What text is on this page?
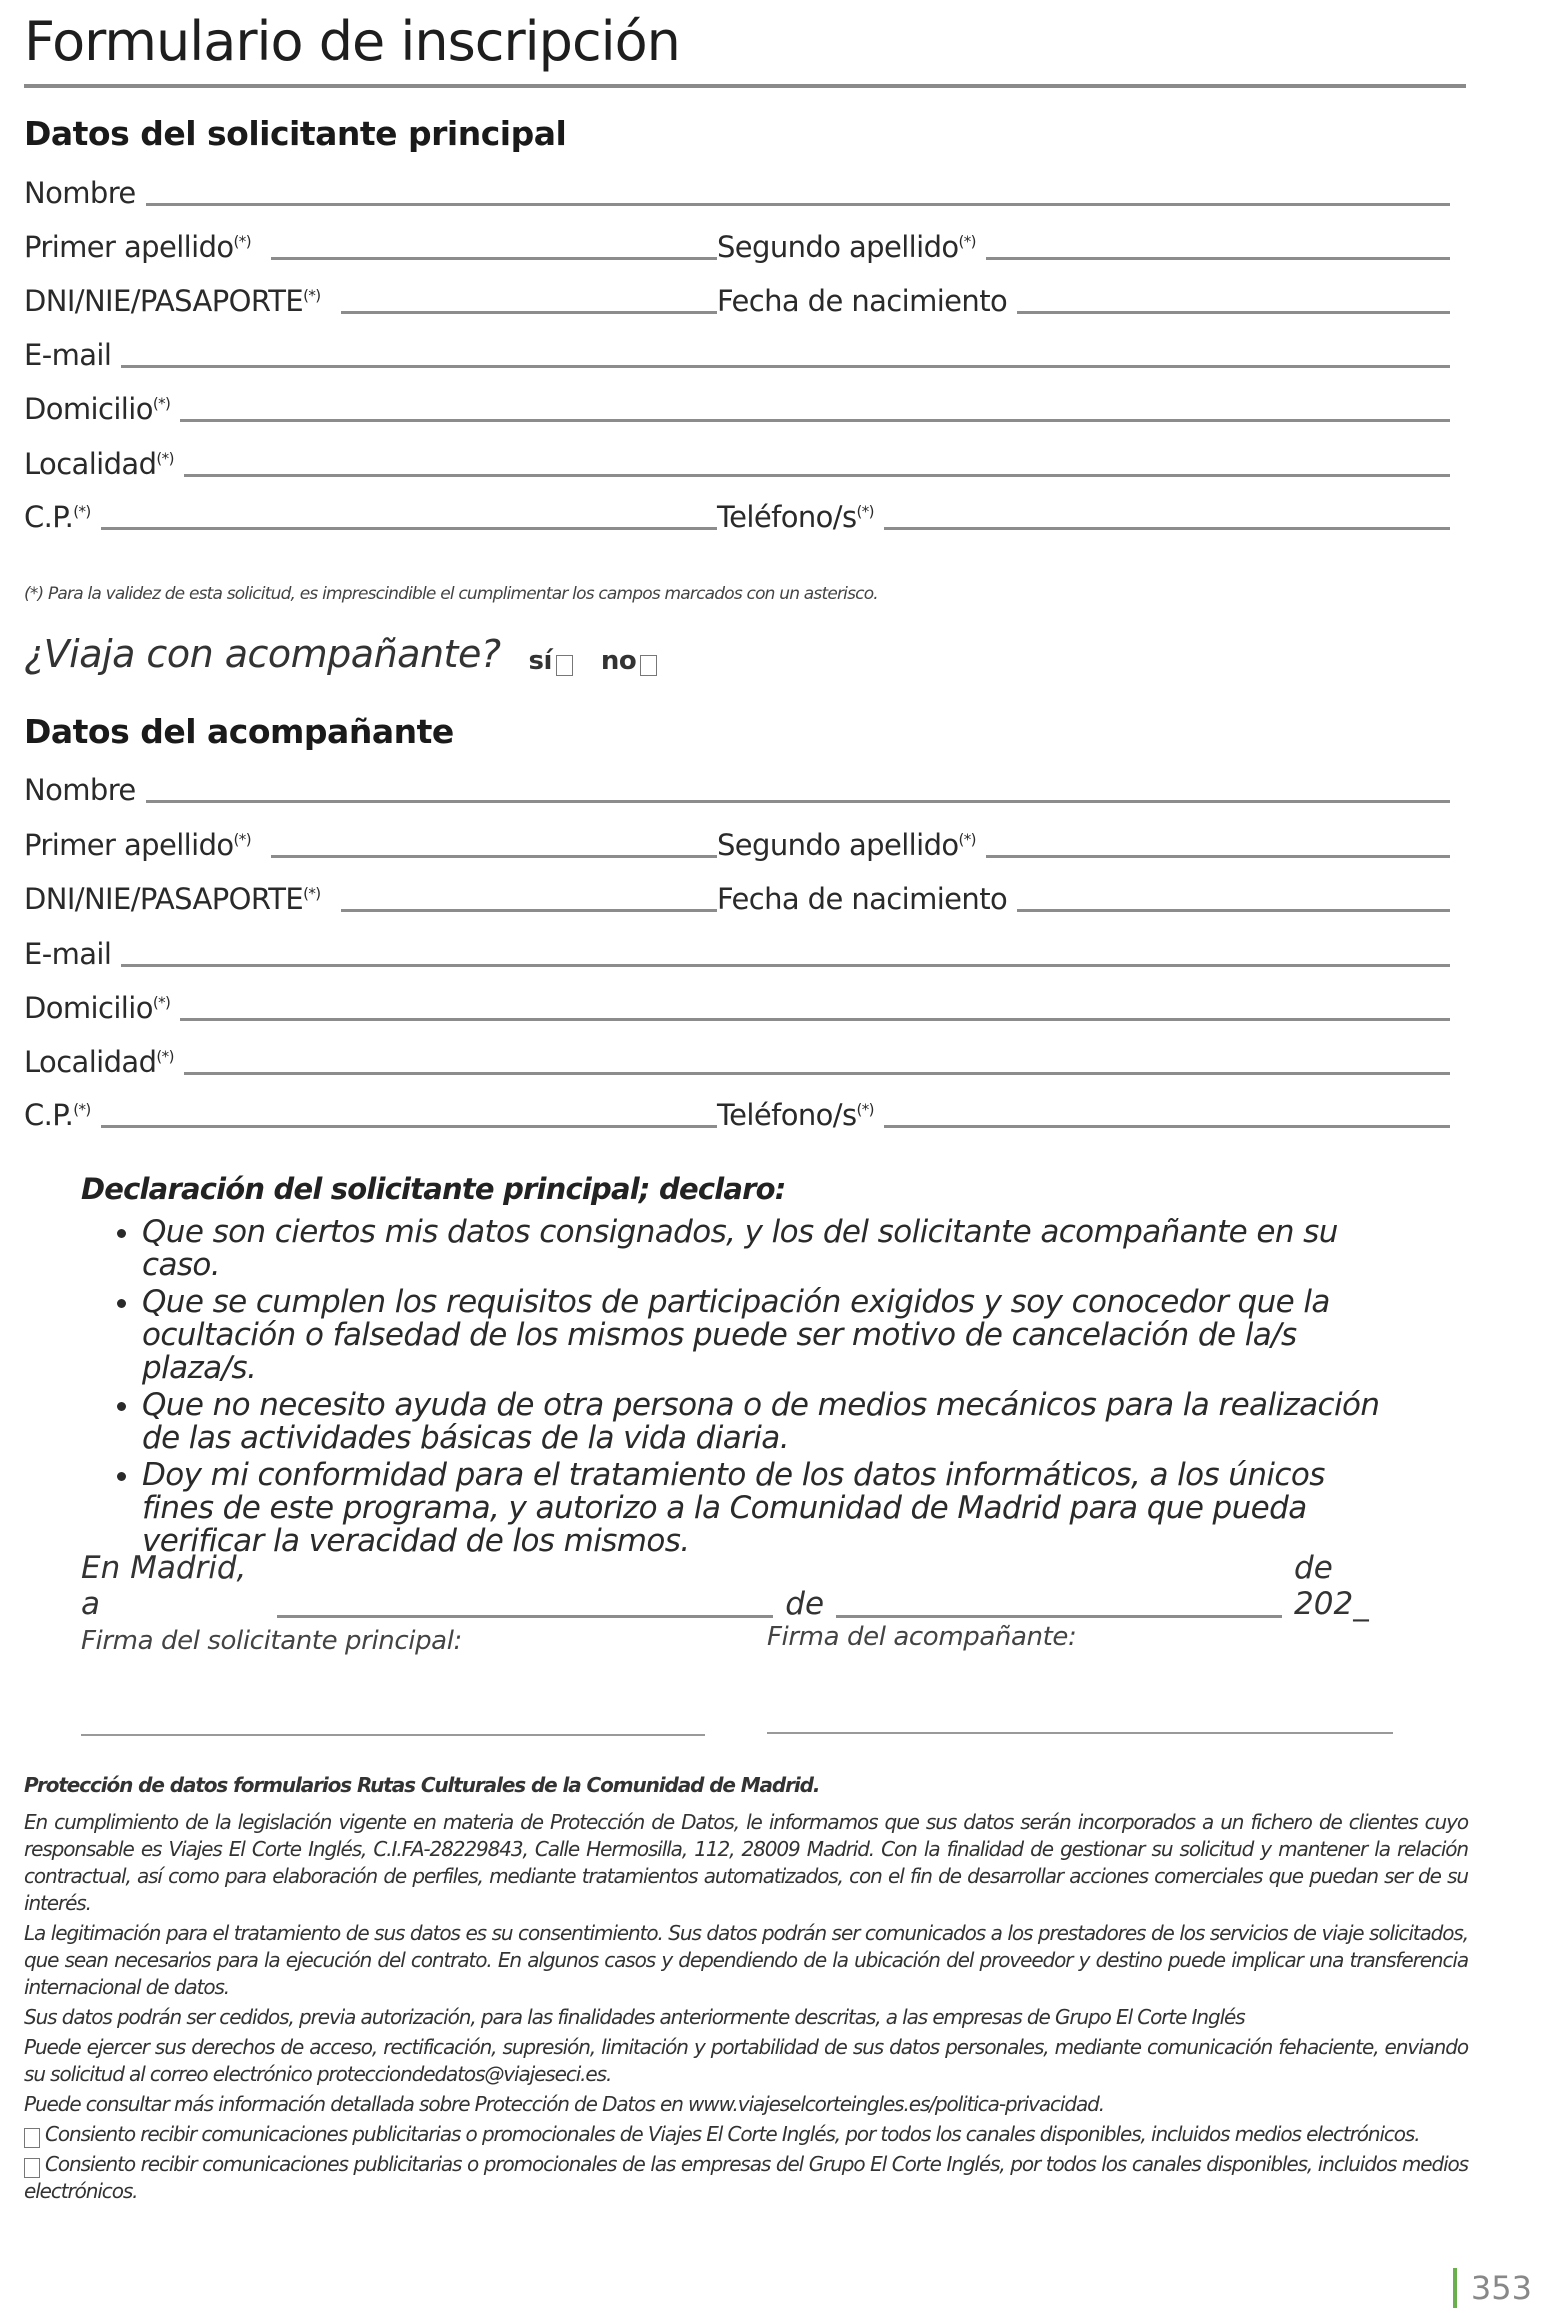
Formulario de inscripción
Datos del solicitante principal
Nombre
Primer apellido(*)	Segundo apellido(*)
DNI/NIE/PASAPORTE(*)	Fecha de nacimiento
E-mail
Domicilio(*)
Localidad(*)
C.P.(*)	Teléfono/s(*)
(*) Para la validez de esta solicitud, es imprescindible el cumplimentar los campos marcados con un asterisco.
¿Viaja con acompañante? sí	no
Datos del acompañante
Nombre
Primer apellido(*)	Segundo apellido(*)
DNI/NIE/PASAPORTE(*)	Fecha de nacimiento
E-mail
Domicilio(*)
Localidad(*)
C.P.(*)	Teléfono/s(*)
Declaración del solicitante principal; declaro:
• Que son ciertos mis datos consignados, y los del solicitante acompañante en su caso.
• Que se cumplen los requisitos de participación exigidos y soy conocedor que la ocultación o falsedad de los mismos puede ser motivo de cancelación de la/s plaza/s.
• Que no necesito ayuda de otra persona o de medios mecánicos para la realización de las actividades básicas de la vida diaria.
• Doy mi conformidad para el tratamiento de los datos informáticos, a los únicos fines de este programa, y autorizo a la Comunidad de Madrid para que pueda verificar la veracidad de los mismos.
En Madrid, a	de
de 202_
Firma del solicitante principal:	Firma del acompañante:

Protección de datos formularios Rutas Culturales de la Comunidad de Madrid.

En cumplimiento de la legislación vigente en materia de Protección de Datos, le informamos que sus datos serán incorporados a un fichero de clientes cuyo responsable es Viajes El Corte Inglés, C.I.FA-28229843, Calle Hermosilla, 112, 28009 Madrid. Con la finalidad de gestionar su solicitud y mantener la relación contractual, así como para elaboración de perfiles, mediante tratamientos automatizados, con el fin de desarrollar acciones comerciales que puedan ser de su interés.

La legitimación para el tratamiento de sus datos es su consentimiento. Sus datos podrán ser comunicados a los prestadores de los servicios de viaje solicitados, que sean necesarios para la ejecución del contrato. En algunos casos y dependiendo de la ubicación del proveedor y destino puede implicar una transferencia internacional de datos.

Sus datos podrán ser cedidos, previa autorización, para las finalidades anteriormente descritas, a las empresas de Grupo El Corte Inglés

Puede ejercer sus derechos de acceso, rectificación, supresión, limitación y portabilidad de sus datos personales, mediante comunicación fehaciente, enviando su solicitud al correo electrónico protecciondedatos@viajeseci.es.

Puede consultar más información detallada sobre Protección de Datos en www.viajeselcorteingles.es/politica-privacidad.

Consiento recibir comunicaciones publicitarias o promocionales de Viajes El Corte Inglés, por todos los canales disponibles, incluidos medios electrónicos.

Consiento recibir comunicaciones publicitarias o promocionales de las empresas del Grupo El Corte Inglés, por todos los canales disponibles, incluidos medios electrónicos.

353
